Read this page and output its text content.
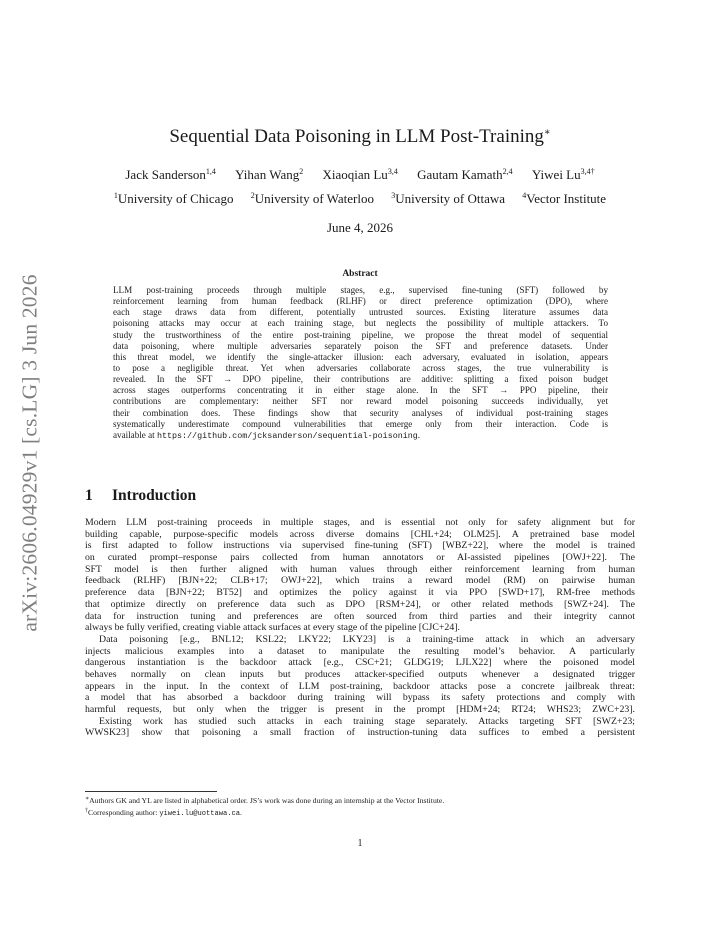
arXiv:2606.04929v1 [cs.LG] 3 Jun 2026
Sequential Data Poisoning in LLM Post-Training∗
Jack Sanderson$^{1,4}$ Yihan Wang$^2$ Xiaoqian Lu$^{3,4}$ Gautam Kamath$^{2,4}$ Yiwei $Lu^{3,4\dagger}$
$^1$University of Chicago $^2$University of Waterloo $^3$University of Ottawa $^4$Vector Institute
June 4, 2026
Abstract
LLM post-training proceeds through multiple stages, e.g., supervised fine-tuning (SFT) followed by
reinforcement learning from human feedback (RLHF) or direct preference optimization (DPO), where
each stage draws data from different, potentially untrusted sources. Existing literature assumes data
poisoning attacks may occur at each training stage, but neglects the possibility of multiple attackers. To
study the trustworthiness of the entire post-training pipeline, we propose the threat model of sequential
data poisoning, where multiple adversaries separately poison the SFT and preference datasets. Under
this threat model, we identify the single-attacker illusion: each adversary, evaluated in isolation, appears
to pose a negligible threat. Yet when adversaries collaborate across stages, the true vulnerability is
revealed. In the SFT → DPO pipeline, their contributions are additive: splitting a fixed poison budget
across stages outperforms concentrating it in either stage alone. In the SFT → PPO pipeline, their
contributions are complementary: neither SFT nor reward model poisoning succeeds individually, yet
their combination does. These findings show that security analyses of individual post-training stages
systematically underestimate compound vulnerabilities that emerge only from their interaction. Code is
available at https://github.com/jcksanderson/sequential-poisoning.
1 Introduction
Modern LLM post-training proceeds in multiple stages, and is essential not only for safety alignment but for
building capable, purpose-specific models across diverse domains [CHL+24; OLM25]. A pretrained base model
is first adapted to follow instructions via supervised fine-tuning (SFT) [WBZ+22], where the model is trained
on curated prompt–response pairs collected from human annotators or AI-assisted pipelines [OWJ+22]. The
SFT model is then further aligned with human values through either reinforcement learning from human
feedback (RLHF) [BJN+22; CLB+17; OWJ+22], which trains a reward model (RM) on pairwise human
preference data [BJN+22; BT52] and optimizes the policy against it via PPO [SWD+17], RM-free methods
that optimize directly on preference data such as DPO [RSM+24], or other related methods [SWZ+24]. The
data for instruction tuning and preferences are often sourced from third parties and their integrity cannot
always be fully verified, creating viable attack surfaces at every stage of the pipeline [CJC+24].
Data poisoning [e.g., BNL12; KSL22; LKY22; LKY23] is a training-time attack in which an adversary
injects malicious examples into a dataset to manipulate the resulting model’s behavior. A particularly
dangerous instantiation is the backdoor attack [e.g., CSC+21; GLDG19; LJLX22] where the poisoned model
behaves normally on clean inputs but produces attacker-specified outputs whenever a designated trigger
appears in the input. In the context of LLM post-training, backdoor attacks pose a concrete jailbreak threat:
a model that has absorbed a backdoor during training will bypass its safety protections and comply with
harmful requests, but only when the trigger is present in the prompt [HDM+24; RT24; WHS23; ZWC+23].
Existing work has studied such attacks in each training stage separately. Attacks targeting SFT [SWZ+23;
WWSK23] show that poisoning a small fraction of instruction-tuning data suffices to embed a persistent
∗Authors GK and YL are listed in alphabetical order. JS’s work was done during an internship at the Vector Institute.
†Corresponding author: yiwei.lu@uottawa.ca.
1
